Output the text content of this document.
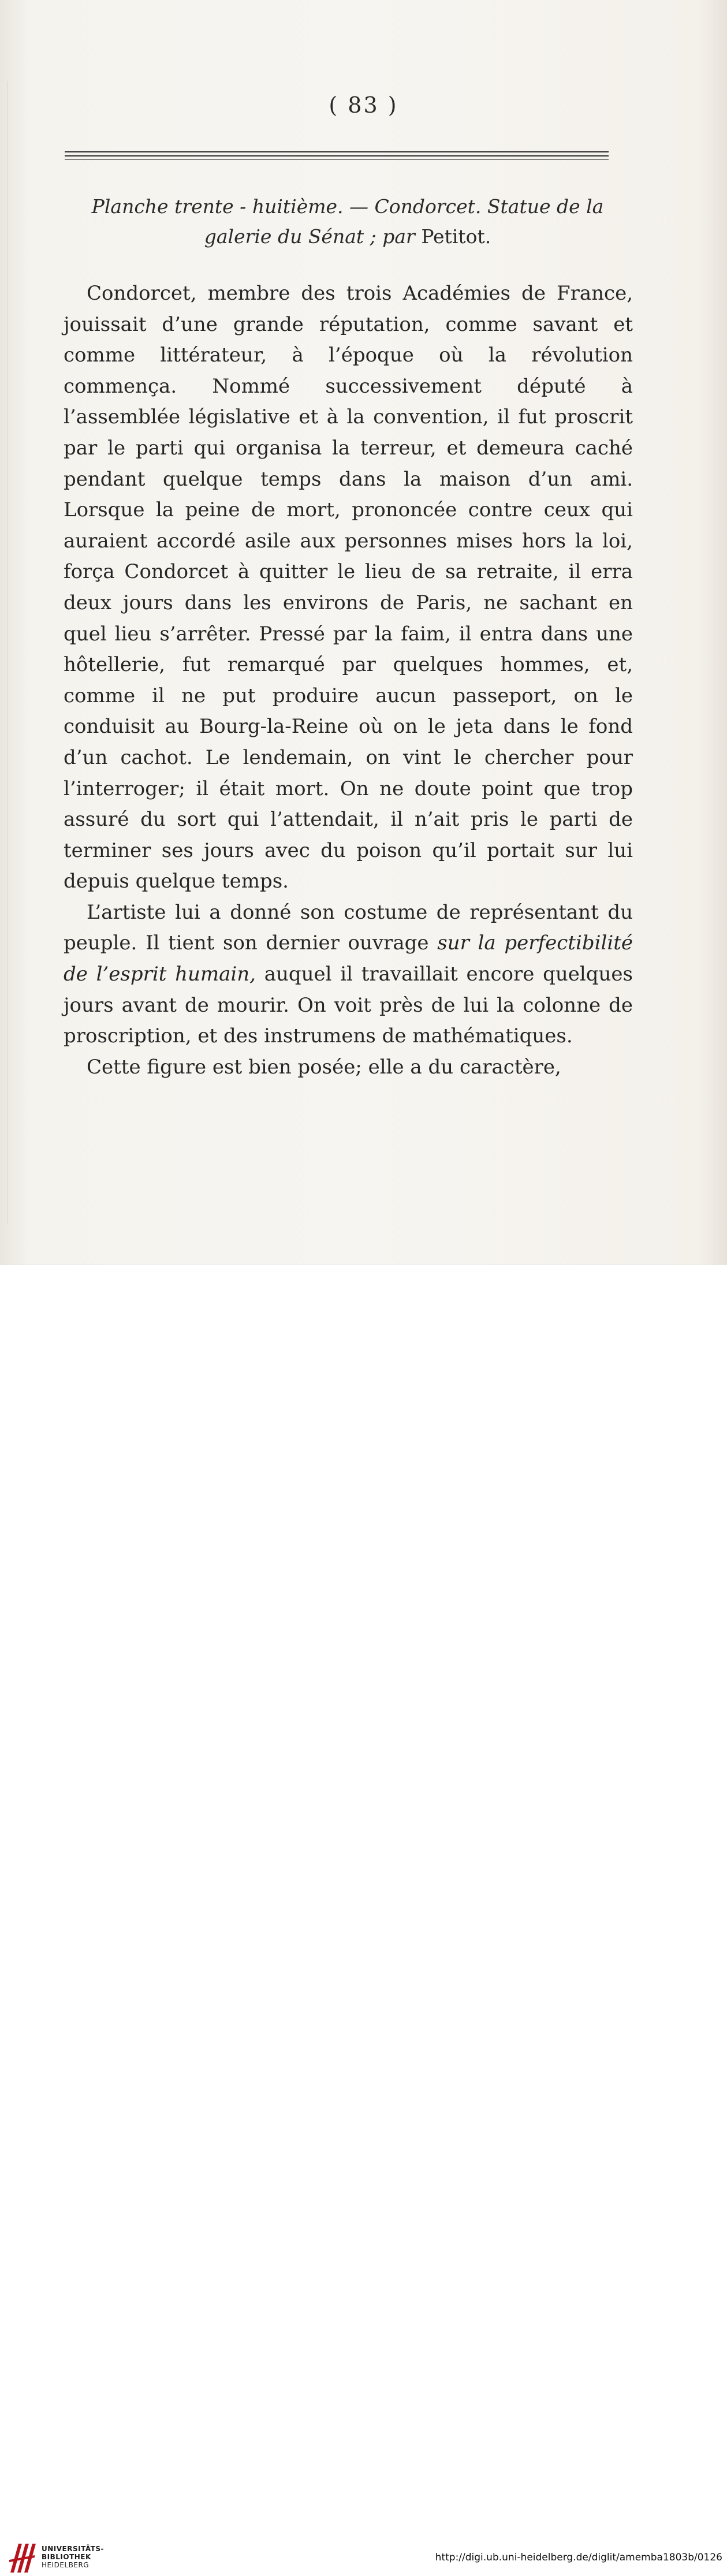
( 83 )
Planche trente - huitième. — Condorcet. Statue de la
galerie du Sénat ; par Petitot.

Condorcet, membre des trois Académies de France, jouissait d’une grande réputation, comme savant et comme littérateur, à l’époque où la révolution commença. Nommé successivement député à l’assemblée législative et à la convention, il fut proscrit par le parti qui organisa la terreur, et demeura caché pendant quelque temps dans la maison d’un ami. Lorsque la peine de mort, prononcée contre ceux qui auraient accordé asile aux personnes mises hors la loi, força Condorcet à quitter le lieu de sa retraite, il erra deux jours dans les environs de Paris, ne sachant en quel lieu s’arrêter. Pressé par la faim, il entra dans une hôtellerie, fut remarqué par quelques hommes, et, comme il ne put produire aucun passeport, on le conduisit au Bourg-la-Reine où on le jeta dans le fond d’un cachot. Le lendemain, on vint le chercher pour l’interroger; il était mort. On ne doute point que trop assuré du sort qui l’attendait, il n’ait pris le parti de terminer ses jours avec du poison qu’il portait sur lui depuis quelque temps.

L’artiste lui a donné son costume de représentant du peuple. Il tient son dernier ouvrage sur la perfectibilité de l’esprit humain, auquel il travaillait encore quelques jours avant de mourir. On voit près de lui la colonne de proscription, et des instrumens de mathématiques.

Cette figure est bien posée; elle a du caractère,

UNIVERSITÄTS-
BIBLIOTHEK
HEIDELBERG
http://digi.ub.uni-heidelberg.de/diglit/amemba1803b/0126
